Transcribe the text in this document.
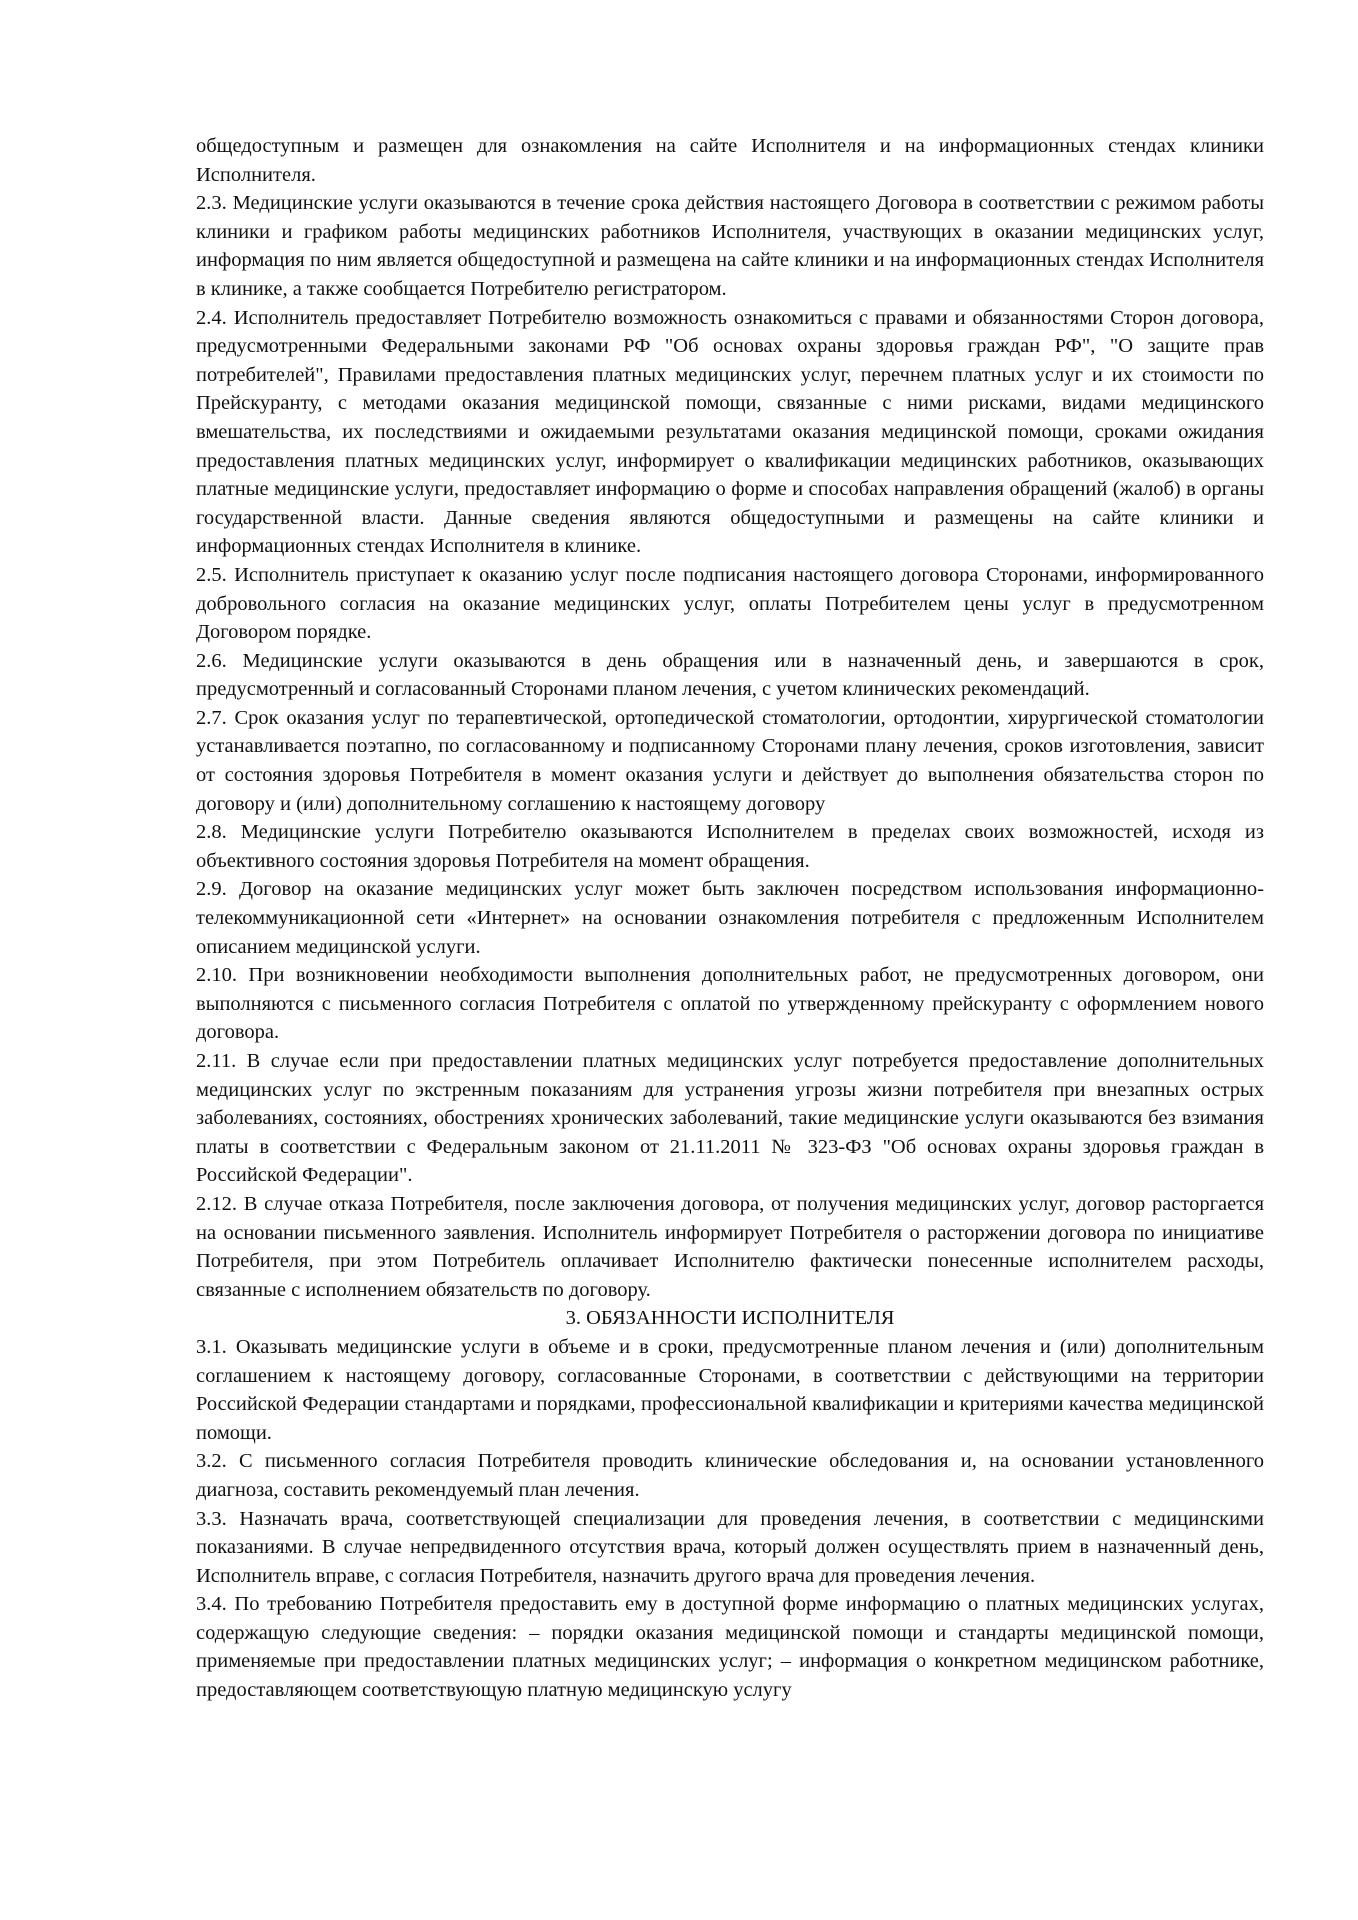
общедоступным и размещен для ознакомления на сайте Исполнителя и на информационных стендах клиники Исполнителя.

2.3. Медицинские услуги оказываются в течение срока действия настоящего Договора в соответствии с режимом работы клиники и графиком работы медицинских работников Исполнителя, участвующих в оказании медицинских услуг, информация по ним является общедоступной и размещена на сайте клиники и на информационных стендах Исполнителя в клинике, а также сообщается Потребителю регистратором.

2.4. Исполнитель предоставляет Потребителю возможность ознакомиться с правами и обязанностями Сторон договора, предусмотренными Федеральными законами РФ "Об основах охраны здоровья граждан РФ", "О защите прав потребителей", Правилами предоставления платных медицинских услуг, перечнем платных услуг и их стоимости по Прейскуранту, с методами оказания медицинской помощи, связанные с ними рисками, видами медицинского вмешательства, их последствиями и ожидаемыми результатами оказания медицинской помощи, сроками ожидания предоставления платных медицинских услуг, информирует о квалификации медицинских работников, оказывающих платные медицинские услуги, предоставляет информацию о форме и способах направления обращений (жалоб) в органы государственной власти. Данные сведения являются общедоступными и размещены на сайте клиники и информационных стендах Исполнителя в клинике.

2.5. Исполнитель приступает к оказанию услуг после подписания настоящего договора Сторонами, информированного добровольного согласия на оказание медицинских услуг, оплаты Потребителем цены услуг в предусмотренном Договором порядке.

2.6. Медицинские услуги оказываются в день обращения или в назначенный день, и завершаются в срок, предусмотренный и согласованный Сторонами планом лечения, с учетом клинических рекомендаций.

2.7. Срок оказания услуг по терапевтической, ортопедической стоматологии, ортодонтии, хирургической стоматологии устанавливается поэтапно, по согласованному и подписанному Сторонами плану лечения, сроков изготовления, зависит от состояния здоровья Потребителя в момент оказания услуги и действует до выполнения обязательства сторон по договору и (или) дополнительному соглашению к настоящему договору

2.8. Медицинские услуги Потребителю оказываются Исполнителем в пределах своих возможностей, исходя из объективного состояния здоровья Потребителя на момент обращения.

2.9. Договор на оказание медицинских услуг может быть заключен посредством использования информационно-телекоммуникационной сети «Интернет» на основании ознакомления потребителя с предложенным Исполнителем описанием медицинской услуги.

2.10. При возникновении необходимости выполнения дополнительных работ, не предусмотренных договором, они выполняются с письменного согласия Потребителя с оплатой по утвержденному прейскуранту с оформлением нового договора.

2.11. В случае если при предоставлении платных медицинских услуг потребуется предоставление дополнительных медицинских услуг по экстренным показаниям для устранения угрозы жизни потребителя при внезапных острых заболеваниях, состояниях, обострениях хронических заболеваний, такие медицинские услуги оказываются без взимания платы в соответствии с Федеральным законом от 21.11.2011 № 323-ФЗ "Об основах охраны здоровья граждан в Российской Федерации".

2.12. В случае отказа Потребителя, после заключения договора, от получения медицинских услуг, договор расторгается на основании письменного заявления. Исполнитель информирует Потребителя о расторжении договора по инициативе Потребителя, при этом Потребитель оплачивает Исполнителю фактически понесенные исполнителем расходы, связанные с исполнением обязательств по договору.

3. ОБЯЗАННОСТИ ИСПОЛНИТЕЛЯ

3.1. Оказывать медицинские услуги в объеме и в сроки, предусмотренные планом лечения и (или) дополнительным соглашением к настоящему договору, согласованные Сторонами, в соответствии с действующими на территории Российской Федерации стандартами и порядками, профессиональной квалификации и критериями качества медицинской помощи.

3.2. С письменного согласия Потребителя проводить клинические обследования и, на основании установленного диагноза, составить рекомендуемый план лечения.

3.3. Назначать врача, соответствующей специализации для проведения лечения, в соответствии с медицинскими показаниями. В случае непредвиденного отсутствия врача, который должен осуществлять прием в назначенный день, Исполнитель вправе, с согласия Потребителя, назначить другого врача для проведения лечения.

3.4. По требованию Потребителя предоставить ему в доступной форме информацию о платных медицинских услугах, содержащую следующие сведения: – порядки оказания медицинской помощи и стандарты медицинской помощи, применяемые при предоставлении платных медицинских услуг; – информация о конкретном медицинском работнике, предоставляющем соответствующую платную медицинскую услугу
